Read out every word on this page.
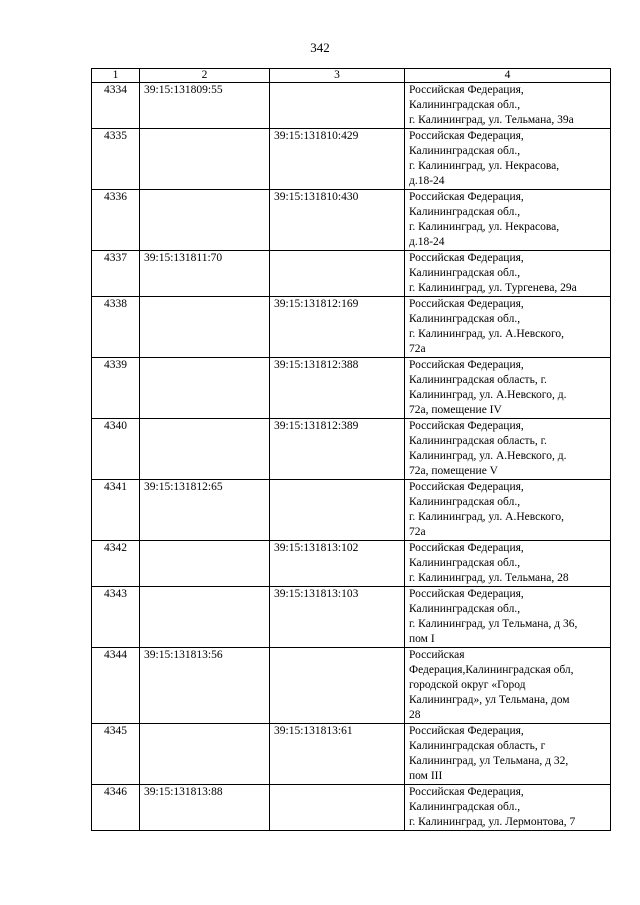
342
1	2	3	4
4334	39:15:131809:55		Российская Федерация,
Калининградская обл.,
г. Калининград, ул. Тельмана, 39а
4335		39:15:131810:429	Российская Федерация,
Калининградская обл.,
г. Калининград, ул. Некрасова,
д.18-24
4336		39:15:131810:430	Российская Федерация,
Калининградская обл.,
г. Калининград, ул. Некрасова,
д.18-24
4337	39:15:131811:70		Российская Федерация,
Калининградская обл.,
г. Калининград, ул. Тургенева, 29а
4338		39:15:131812:169	Российская Федерация,
Калининградская обл.,
г. Калининград, ул. А.Невского,
72а
4339		39:15:131812:388	Российская Федерация,
Калининградская область, г.
Калининград, ул. А.Невского, д.
72а, помещение IV
4340		39:15:131812:389	Российская Федерация,
Калининградская область, г.
Калининград, ул. А.Невского, д.
72а, помещение V
4341	39:15:131812:65		Российская Федерация,
Калининградская обл.,
г. Калининград, ул. А.Невского,
72а
4342		39:15:131813:102	Российская Федерация,
Калининградская обл.,
г. Калининград, ул. Тельмана, 28
4343		39:15:131813:103	Российская Федерация,
Калининградская обл.,
г. Калининград, ул Тельмана, д 36,
пом I
4344	39:15:131813:56		Российская
Федерация,Калининградская обл,
городской округ «Город
Калининград», ул Тельмана, дом
28
4345		39:15:131813:61	Российская Федерация,
Калининградская область, г
Калининград, ул Тельмана, д 32,
пом III
4346	39:15:131813:88		Российская Федерация,
Калининградская обл.,
г. Калининград, ул. Лермонтова, 7
